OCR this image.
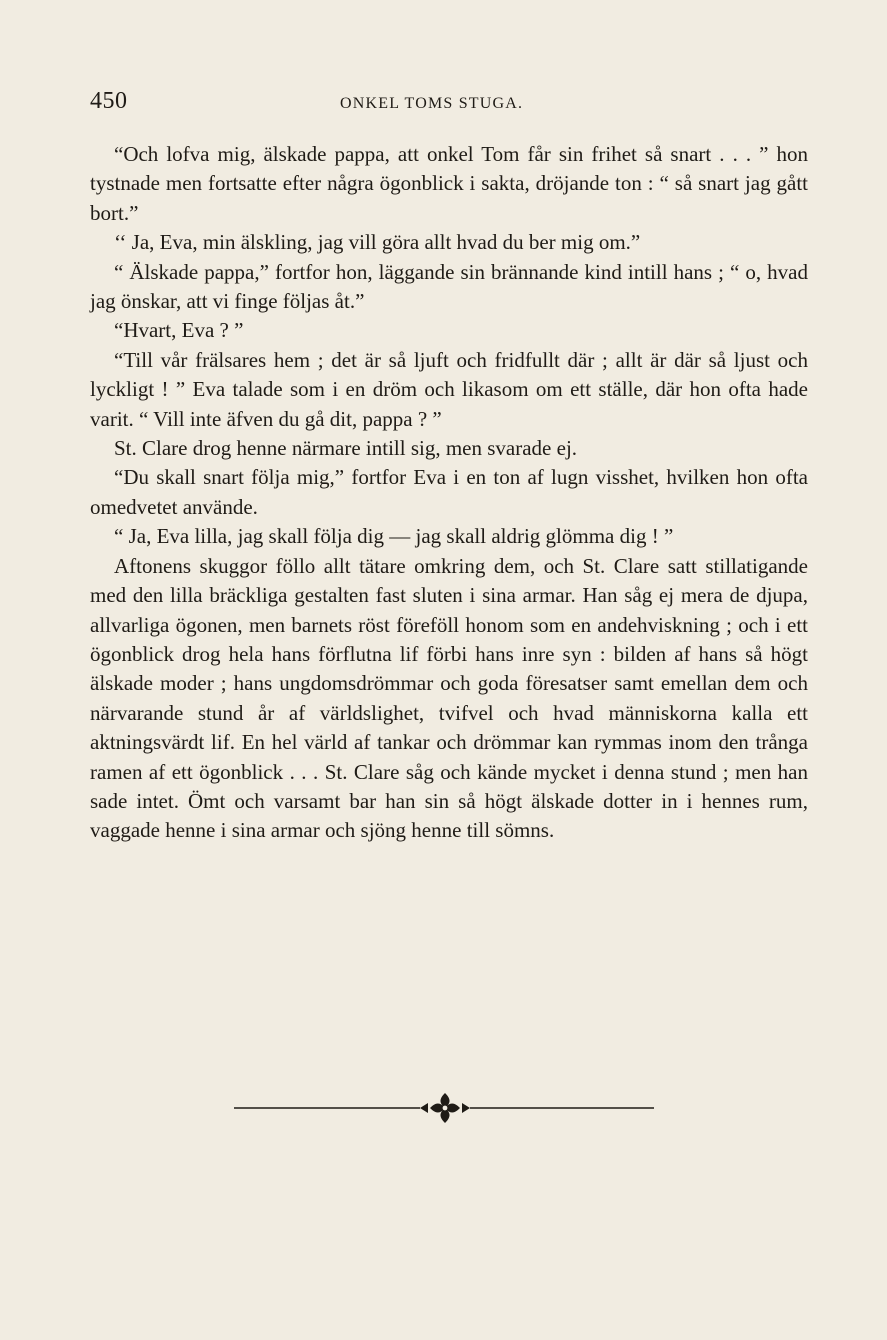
450	ONKEL TOMS STUGA.

“Och lofva mig, älskade pappa, att onkel Tom får sin frihet så snart . . . ” hon tystnade men fortsatte efter några ögonblick i sakta, dröjande ton : “ så snart jag gått bort.”

‘‘ Ja, Eva, min älskling, jag vill göra allt hvad du ber mig om.”

“ Älskade pappa,” fortfor hon, läggande sin brännande kind intill hans ; “ o, hvad jag önskar, att vi finge följas åt.”

“Hvart, Eva ? ”

“Till vår frälsares hem ; det är så ljuft och fridfullt där ; allt är där så ljust och lyckligt ! ” Eva talade som i en dröm och likasom om ett ställe, där hon ofta hade varit. “ Vill inte äfven du gå dit, pappa ? ”

St. Clare drog henne närmare intill sig, men svarade ej.

“Du skall snart följa mig,” fortfor Eva i en ton af lugn visshet, hvilken hon ofta omedvetet använde.

“ Ja, Eva lilla, jag skall följa dig — jag skall aldrig glömma dig ! ”

Aftonens skuggor föllo allt tätare omkring dem, och St. Clare satt stillatigande med den lilla bräckliga gestalten fast sluten i sina armar. Han såg ej mera de djupa, allvarliga ögonen, men barnets röst föreföll honom som en andehviskning ; och i ett ögonblick drog hela hans förflutna lif förbi hans inre syn : bilden af hans så högt älskade moder ; hans ungdomsdrömmar och goda föresatser samt emellan dem och närvarande stund år af världslighet, tvifvel och hvad människorna kalla ett aktningsvärdt lif. En hel värld af tankar och drömmar kan rymmas inom den trånga ramen af ett ögonblick . . . St. Clare såg och kände mycket i denna stund ; men han sade intet. Ömt och varsamt bar han sin så högt älskade dotter in i hennes rum, vaggade henne i sina armar och sjöng henne till sömns.
